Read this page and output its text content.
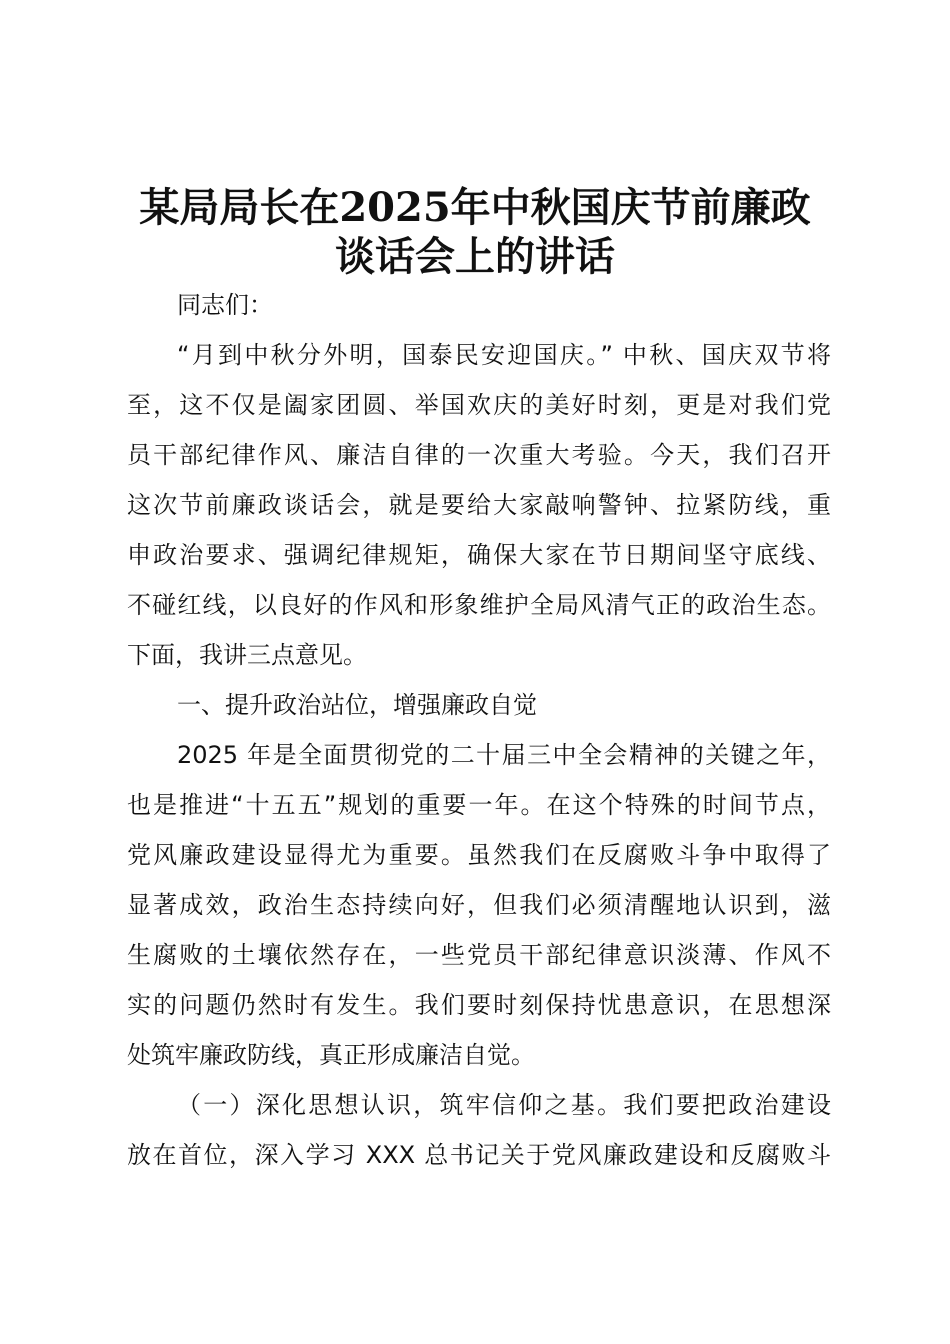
某局局长在2025年中秋国庆节前廉政
谈话会上的讲话
同志们：
“月到中秋分外明，国泰民安迎国庆。” 中秋、国庆双节将
至，这不仅是阖家团圆、举国欢庆的美好时刻，更是对我们党
员干部纪律作风、廉洁自律的一次重大考验。今天，我们召开
这次节前廉政谈话会，就是要给大家敲响警钟、拉紧防线，重
申政治要求、强调纪律规矩，确保大家在节日期间坚守底线、
不碰红线，以良好的作风和形象维护全局风清气正的政治生态。
下面，我讲三点意见。
一、提升政治站位，增强廉政自觉
2025 年是全面贯彻党的二十届三中全会精神的关键之年，
也是推进“十五五”规划的重要一年。在这个特殊的时间节点，
党风廉政建设显得尤为重要。虽然我们在反腐败斗争中取得了
显著成效，政治生态持续向好，但我们必须清醒地认识到，滋
生腐败的土壤依然存在，一些党员干部纪律意识淡薄、作风不
实的问题仍然时有发生。我们要时刻保持忧患意识，在思想深
处筑牢廉政防线，真正形成廉洁自觉。
（一）深化思想认识，筑牢信仰之基。我们要把政治建设
放在首位，深入学习 XXX 总书记关于党风廉政建设和反腐败斗
